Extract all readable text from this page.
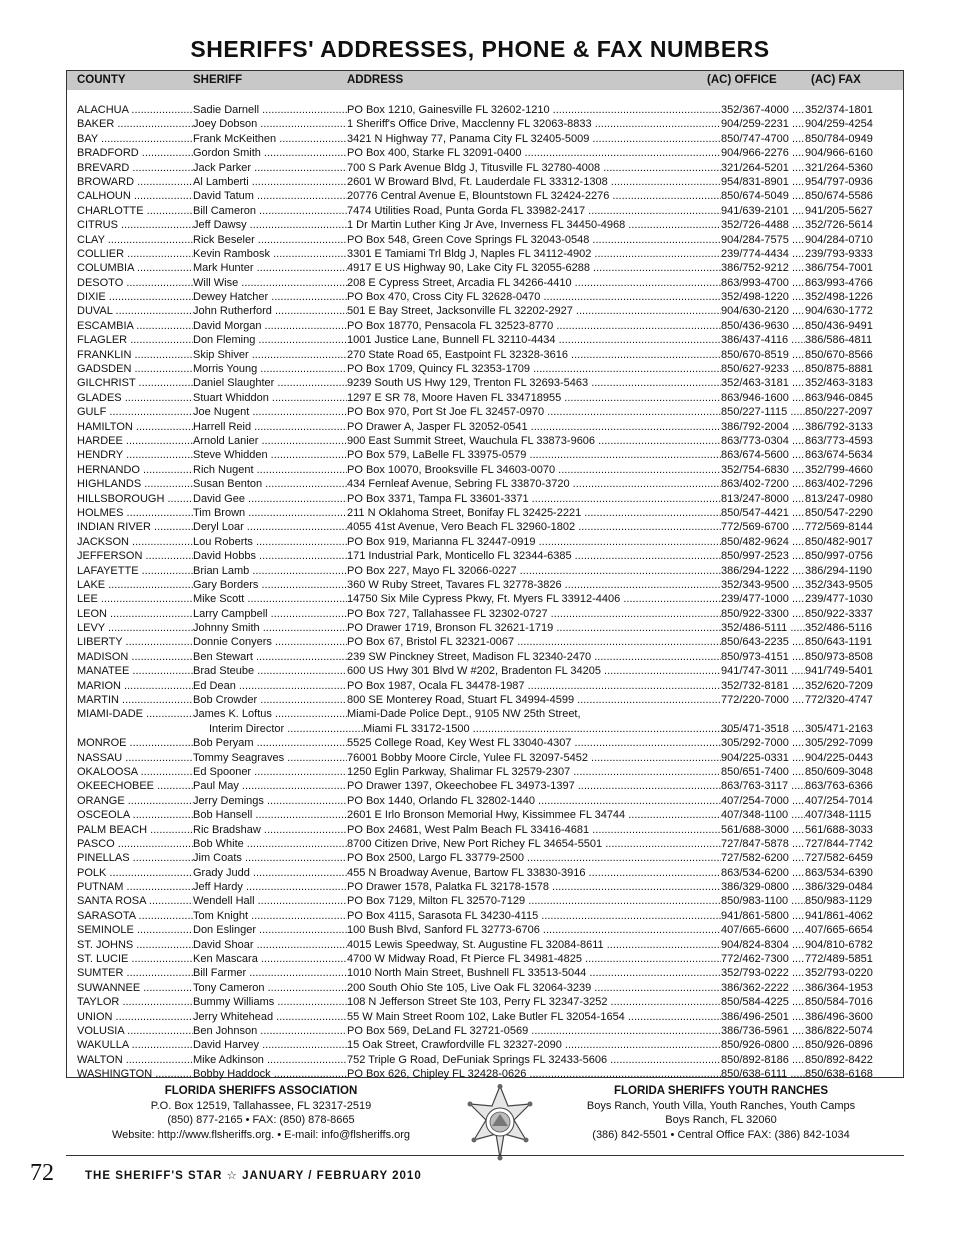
SHERIFFS' ADDRESSES, PHONE & FAX NUMBERS
COUNTY	SHERIFF	ADDRESS	(AC) OFFICE	(AC) FAX
ALACHUA .....	Sadie Darnell .....	PO Box 1210, Gainesville FL 32602-1210 .....	352/367-4000 .....	352/374-1801
BAKER .....	Joey Dobson .....	1 Sheriff's Office Drive, Macclenny FL 32063-8833 .....	904/259-2231 .....	904/259-4254
BAY .....	Frank McKeithen .....	3421 N Highway 77, Panama City FL 32405-5009 .....	850/747-4700 .....	850/784-0949
BRADFORD .....	Gordon Smith .....	PO Box 400, Starke FL 32091-0400 .....	904/966-2276 .....	904/966-6160
BREVARD .....	Jack Parker .....	700 S Park Avenue Bldg J, Titusville FL 32780-4008 .....	321/264-5201 .....	321/264-5360
BROWARD .....	Al Lamberti .....	2601 W Broward Blvd, Ft. Lauderdale FL 33312-1308 .....	954/831-8901 .....	954/797-0936
CALHOUN .....	David Tatum .....	20776 Central Avenue E, Blountstown FL 32424-2276 .....	850/674-5049 .....	850/674-5586
CHARLOTTE .....	Bill Cameron .....	7474 Utilities Road, Punta Gorda FL 33982-2417 .....	941/639-2101 .....	941/205-5627
CITRUS .....	Jeff Dawsy .....	1 Dr Martin Luther King Jr Ave, Inverness FL 34450-4968 .....	352/726-4488 .....	352/726-5614
CLAY .....	Rick Beseler .....	PO Box 548, Green Cove Springs FL 32043-0548 .....	904/284-7575 .....	904/284-0710
COLLIER .....	Kevin Rambosk .....	3301 E Tamiami Trl Bldg J, Naples FL 34112-4902 .....	239/774-4434 .....	239/793-9333
COLUMBIA .....	Mark Hunter .....	4917 E US Highway 90, Lake City FL 32055-6288 .....	386/752-9212 .....	386/754-7001
DESOTO .....	Will Wise .....	208 E Cypress Street, Arcadia FL 34266-4410 .....	863/993-4700 .....	863/993-4766
DIXIE .....	Dewey Hatcher .....	PO Box 470, Cross City FL 32628-0470 .....	352/498-1220 .....	352/498-1226
DUVAL .....	John Rutherford .....	501 E Bay Street, Jacksonville FL 32202-2927 .....	904/630-2120 .....	904/630-1772
ESCAMBIA .....	David Morgan .....	PO Box 18770, Pensacola FL 32523-8770 .....	850/436-9630 .....	850/436-9491
FLAGLER .....	Don Fleming .....	1001 Justice Lane, Bunnell FL 32110-4434 .....	386/437-4116 .....	386/586-4811
FRANKLIN .....	Skip Shiver .....	270 State Road 65, Eastpoint FL 32328-3616 .....	850/670-8519 .....	850/670-8566
GADSDEN .....	Morris Young .....	PO Box 1709, Quincy FL 32353-1709 .....	850/627-9233 .....	850/875-8881
GILCHRIST .....	Daniel Slaughter .....	9239 South US Hwy 129, Trenton FL 32693-5463 .....	352/463-3181 .....	352/463-3183
GLADES .....	Stuart Whiddon .....	1297 E SR 78, Moore Haven FL 334718955 .....	863/946-1600 .....	863/946-0845
GULF .....	Joe Nugent .....	PO Box 970, Port St Joe FL 32457-0970 .....	850/227-1115 .....	850/227-2097
HAMILTON .....	Harrell Reid .....	PO Drawer A, Jasper FL 32052-0541 .....	386/792-2004 .....	386/792-3133
HARDEE .....	Arnold Lanier .....	900 East Summit Street, Wauchula FL 33873-9606 .....	863/773-0304 .....	863/773-4593
HENDRY .....	Steve Whidden .....	PO Box 579, LaBelle FL 33975-0579 .....	863/674-5600 .....	863/674-5634
HERNANDO .....	Rich Nugent .....	PO Box 10070, Brooksville FL 34603-0070 .....	352/754-6830 .....	352/799-4660
HIGHLANDS .....	Susan Benton .....	434 Fernleaf Avenue, Sebring FL 33870-3720 .....	863/402-7200 .....	863/402-7296
HILLSBOROUGH .....	David Gee .....	PO Box 3371, Tampa FL 33601-3371 .....	813/247-8000 .....	813/247-0980
HOLMES .....	Tim Brown .....	211 N Oklahoma Street, Bonifay FL 32425-2221 .....	850/547-4421 .....	850/547-2290
INDIAN RIVER .....	Deryl Loar .....	4055 41st Avenue, Vero Beach FL 32960-1802 .....	772/569-6700 .....	772/569-8144
JACKSON .....	Lou Roberts .....	PO Box 919, Marianna FL 32447-0919 .....	850/482-9624 .....	850/482-9017
JEFFERSON .....	David Hobbs .....	171 Industrial Park, Monticello FL 32344-6385 .....	850/997-2523 .....	850/997-0756
LAFAYETTE .....	Brian Lamb .....	PO Box 227, Mayo FL 32066-0227 .....	386/294-1222 .....	386/294-1190
LAKE .....	Gary Borders .....	360 W Ruby Street, Tavares FL 32778-3826 .....	352/343-9500 .....	352/343-9505
LEE .....	Mike Scott .....	14750 Six Mile Cypress Pkwy, Ft. Myers FL 33912-4406 .....	239/477-1000 .....	239/477-1030
LEON .....	Larry Campbell .....	PO Box 727, Tallahassee FL 32302-0727 .....	850/922-3300 .....	850/922-3337
LEVY .....	Johnny Smith .....	PO Drawer 1719, Bronson FL 32621-1719 .....	352/486-5111 .....	352/486-5116
LIBERTY .....	Donnie Conyers .....	PO Box 67, Bristol FL 32321-0067 .....	850/643-2235 .....	850/643-1191
MADISON .....	Ben Stewart .....	239 SW Pinckney Street, Madison FL 32340-2470 .....	850/973-4151 .....	850/973-8508
MANATEE .....	Brad Steube .....	600 US Hwy 301 Blvd W #202, Bradenton FL 34205 .....	941/747-3011 .....	941/749-5401
MARION .....	Ed Dean .....	PO Box 1987, Ocala FL 34478-1987 .....	352/732-8181 .....	352/620-7209
MARTIN .....	Bob Crowder .....	800 SE Monterey Road, Stuart FL 34994-4599 .....	772/220-7000 .....	772/320-4747
MIAMI-DADE .....	James K. Loftus .....	Miami-Dade Police Dept., 9105 NW 25th Street,
Interim Director .....	Miami FL 33172-1500 .....	305/471-3518 .....	305/471-2163
MONROE .....	Bob Peryam .....	5525 College Road, Key West FL 33040-4307 .....	305/292-7000 .....	305/292-7099
NASSAU .....	Tommy Seagraves .....	76001 Bobby Moore Circle, Yulee FL 32097-5452 .....	904/225-0331 .....	904/225-0443
OKALOOSA .....	Ed Spooner .....	1250 Eglin Parkway, Shalimar FL 32579-2307 .....	850/651-7400 .....	850/609-3048
OKEECHOBEE .....	Paul May .....	PO Drawer 1397, Okeechobee FL 34973-1397 .....	863/763-3117 .....	863/763-6366
ORANGE .....	Jerry Demings .....	PO Box 1440, Orlando FL 32802-1440 .....	407/254-7000 .....	407/254-7014
OSCEOLA .....	Bob Hansell .....	2601 E Irlo Bronson Memorial Hwy, Kissimmee FL 34744 .....	407/348-1100 .....	407/348-1115
PALM BEACH .....	Ric Bradshaw .....	PO Box 24681, West Palm Beach FL 33416-4681 .....	561/688-3000 .....	561/688-3033
PASCO .....	Bob White .....	8700 Citizen Drive, New Port Richey FL 34654-5501 .....	727/847-5878 .....	727/844-7742
PINELLAS .....	Jim Coats .....	PO Box 2500, Largo FL 33779-2500 .....	727/582-6200 .....	727/582-6459
POLK .....	Grady Judd .....	455 N Broadway Avenue, Bartow FL 33830-3916 .....	863/534-6200 .....	863/534-6390
PUTNAM .....	Jeff Hardy .....	PO Drawer 1578, Palatka FL 32178-1578 .....	386/329-0800 .....	386/329-0484
SANTA ROSA .....	Wendell Hall .....	PO Box 7129, Milton FL 32570-7129 .....	850/983-1100 .....	850/983-1129
SARASOTA .....	Tom Knight .....	PO Box 4115, Sarasota FL 34230-4115 .....	941/861-5800 .....	941/861-4062
SEMINOLE .....	Don Eslinger .....	100 Bush Blvd, Sanford FL 32773-6706 .....	407/665-6600 .....	407/665-6654
ST. JOHNS .....	David Shoar .....	4015 Lewis Speedway, St. Augustine FL 32084-8611 .....	904/824-8304 .....	904/810-6782
ST. LUCIE .....	Ken Mascara .....	4700 W Midway Road, Ft Pierce FL 34981-4825 .....	772/462-7300 .....	772/489-5851
SUMTER .....	Bill Farmer .....	1010 North Main Street, Bushnell FL 33513-5044 .....	352/793-0222 .....	352/793-0220
SUWANNEE .....	Tony Cameron .....	200 South Ohio Ste 105, Live Oak FL 32064-3239 .....	386/362-2222 .....	386/364-1953
TAYLOR .....	Bummy Williams .....	108 N Jefferson Street Ste 103, Perry FL 32347-3252 .....	850/584-4225 .....	850/584-7016
UNION .....	Jerry Whitehead .....	55 W Main Street Room 102, Lake Butler FL 32054-1654 .....	386/496-2501 .....	386/496-3600
VOLUSIA .....	Ben Johnson .....	PO Box 569, DeLand FL 32721-0569 .....	386/736-5961 .....	386/822-5074
WAKULLA .....	David Harvey .....	15 Oak Street, Crawfordville FL 32327-2090 .....	850/926-0800 .....	850/926-0896
WALTON .....	Mike Adkinson .....	752 Triple G Road, DeFuniak Springs FL 32433-5606 .....	850/892-8186 .....	850/892-8422
WASHINGTON .....	Bobby Haddock .....	PO Box 626, Chipley FL 32428-0626 .....	850/638-6111 .....	850/638-6168
FLORIDA SHERIFFS ASSOCIATION
P.O. Box 12519, Tallahassee, FL 32317-2519
(850) 877-2165 • FAX: (850) 878-8665
Website: http://www.flsheriffs.org. • E-mail: info@flsheriffs.org
FLORIDA SHERIFFS YOUTH RANCHES
Boys Ranch, Youth Villa, Youth Ranches, Youth Camps
Boys Ranch, FL 32060
(386) 842-5501 • Central Office FAX: (386) 842-1034
72	THE SHERIFF'S STAR ☆ JANUARY / FEBRUARY 2010
